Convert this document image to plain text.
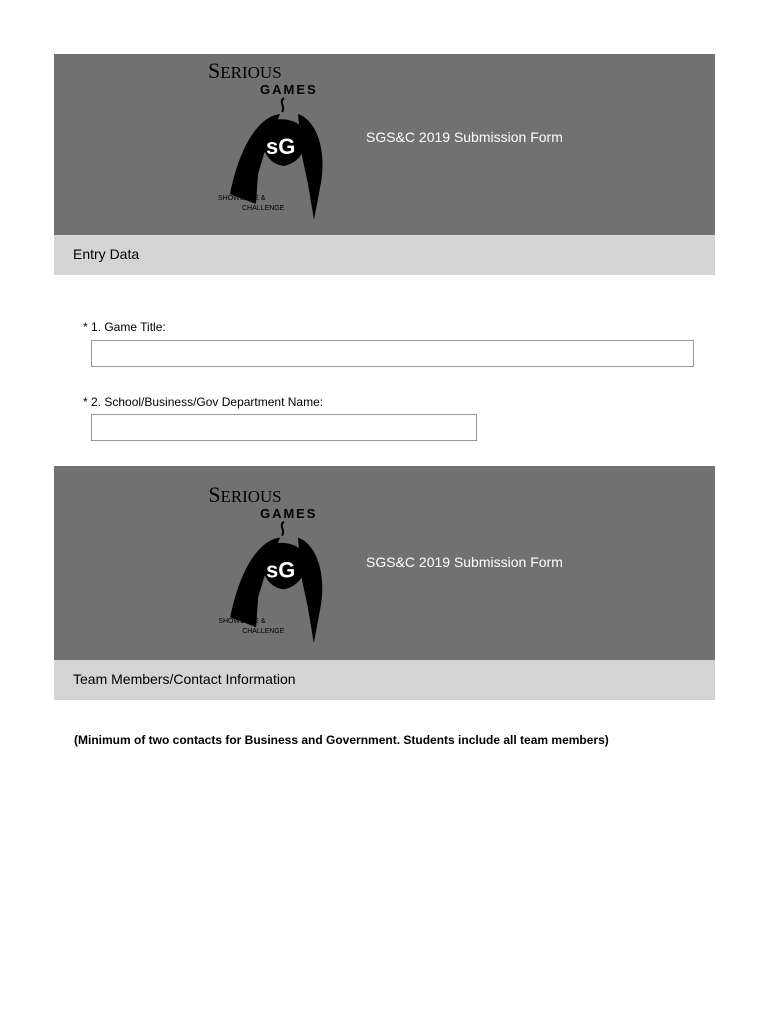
SERIOUS
GAMES
sG
SHOWCASE &
CHALLENGE
SGS&C 2019 Submission Form
Entry Data
* 1. Game Title:
* 2. School/Business/Gov Department Name:
SERIOUS
GAMES
sG
SHOWCASE &
CHALLENGE
SGS&C 2019 Submission Form
Team Members/Contact Information
(Minimum of two contacts for Business and Government. Students include all team members)
